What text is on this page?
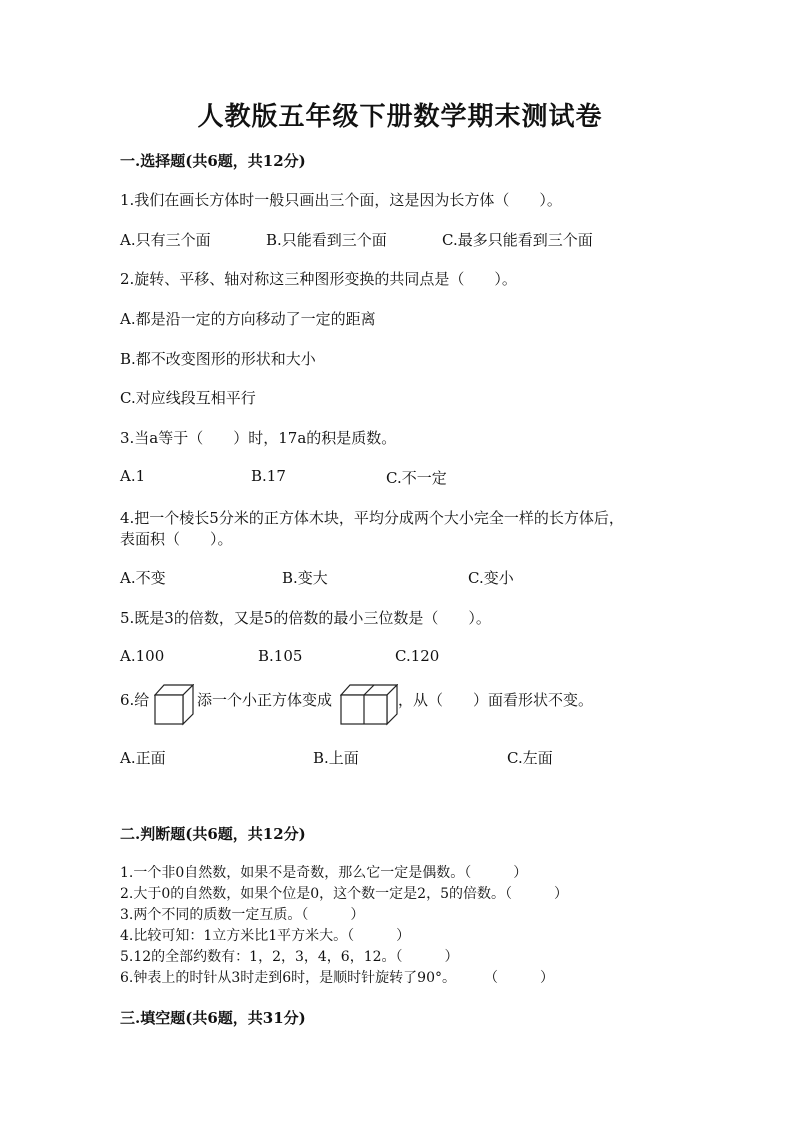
人教版五年级下册数学期末测试卷
一.选择题(共6题，共12分)
1.我们在画长方体时一般只画出三个面，这是因为长方体（　　）。
A.只有三个面	B.只能看到三个面	C.最多只能看到三个面
2.旋转、平移、轴对称这三种图形变换的共同点是（　　）。
A.都是沿一定的方向移动了一定的距离
B.都不改变图形的形状和大小
C.对应线段互相平行
3.当a等于（　　）时，17a的积是质数。
A.1	B.17	C.不一定
4.把一个棱长5分米的正方体木块，平均分成两个大小完全一样的长方体后，
表面积（　　）。
A.不变	B.变大	C.变小
5.既是3的倍数，又是5的倍数的最小三位数是（　　）。
A.100	B.105	C.120
6.给	添一个小正方体变成	，从（　　）面看形状不变。
A.正面	B.上面	C.左面
二.判断题(共6题，共12分)
1.一个非0自然数，如果不是奇数，那么它一定是偶数。（　　　）
2.大于0的自然数，如果个位是0，这个数一定是2，5的倍数。（　　　）
3.两个不同的质数一定互质。（　　　）
4.比较可知：1立方米比1平方米大。（　　　）
5.12的全部约数有：1，2，3，4，6，12。（　　　）
6.钟表上的时针从3时走到6时，是顺时针旋转了90°。　　　（　　　）
三.填空题(共6题，共31分)
